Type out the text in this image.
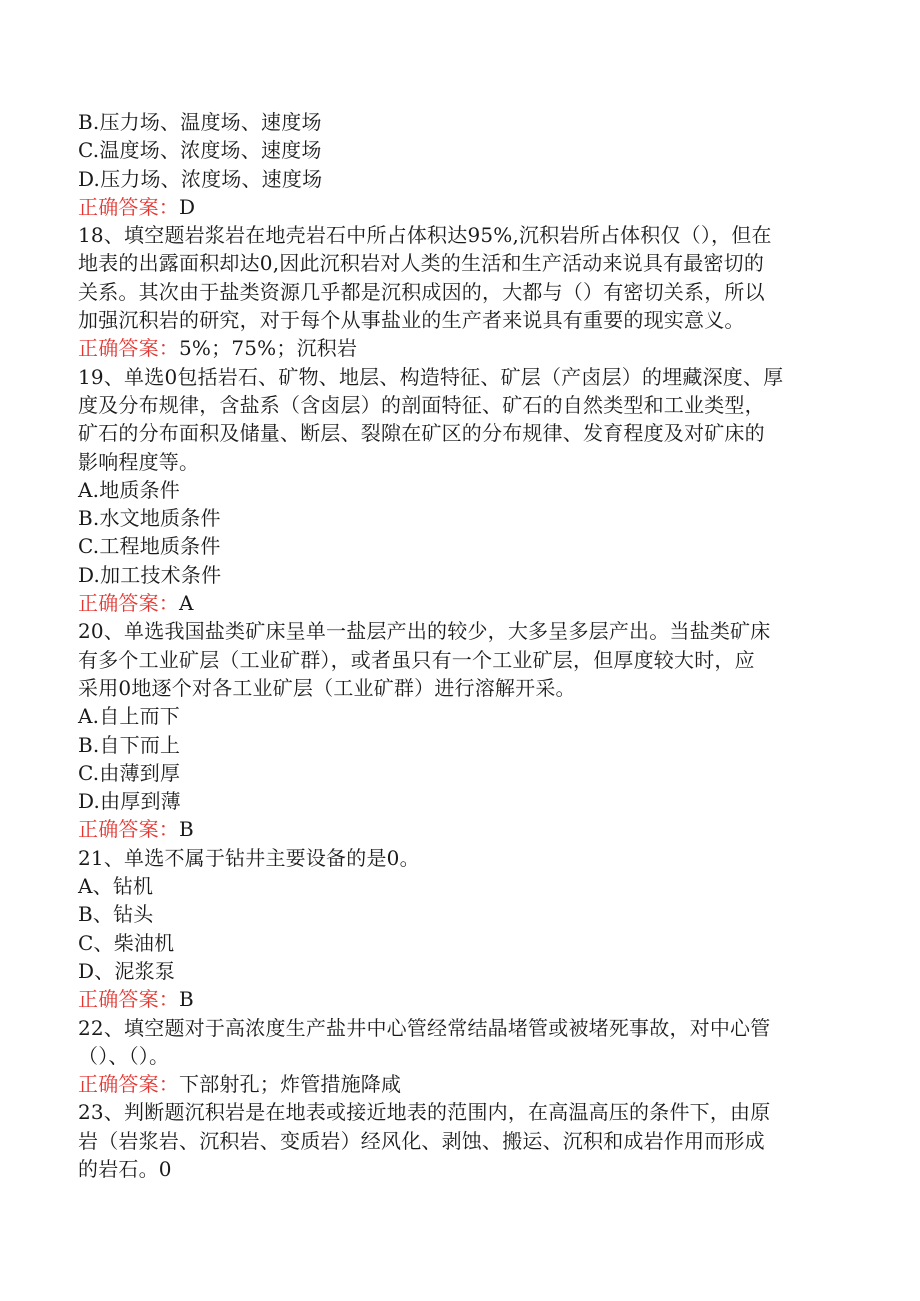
B.压力场、温度场、速度场
C.温度场、浓度场、速度场
D.压力场、浓度场、速度场
正确答案：D
18、填空题岩浆岩在地壳岩石中所占体积达95%,沉积岩所占体积仅（），但在
地表的出露面积却达0,因此沉积岩对人类的生活和生产活动来说具有最密切的
关系。其次由于盐类资源几乎都是沉积成因的，大都与（）有密切关系，所以
加强沉积岩的研究，对于每个从事盐业的生产者来说具有重要的现实意义。
正确答案：5%；75%；沉积岩
19、单选0包括岩石、矿物、地层、构造特征、矿层（产卤层）的埋藏深度、厚
度及分布规律，含盐系（含卤层）的剖面特征、矿石的自然类型和工业类型，
矿石的分布面积及储量、断层、裂隙在矿区的分布规律、发育程度及对矿床的
影响程度等。
A.地质条件
B.水文地质条件
C.工程地质条件
D.加工技术条件
正确答案：A
20、单选我国盐类矿床呈单一盐层产出的较少，大多呈多层产出。当盐类矿床
有多个工业矿层（工业矿群），或者虽只有一个工业矿层，但厚度较大时，应
采用0地逐个对各工业矿层（工业矿群）进行溶解开采。
A.自上而下
B.自下而上
C.由薄到厚
D.由厚到薄
正确答案：B
21、单选不属于钻井主要设备的是0。
A、钻机
B、钻头
C、柴油机
D、泥浆泵
正确答案：B
22、填空题对于高浓度生产盐井中心管经常结晶堵管或被堵死事故，对中心管
（）、（）。
正确答案：下部射孔；炸管措施降咸
23、判断题沉积岩是在地表或接近地表的范围内，在高温高压的条件下，由原
岩（岩浆岩、沉积岩、变质岩）经风化、剥蚀、搬运、沉积和成岩作用而形成
的岩石。0
